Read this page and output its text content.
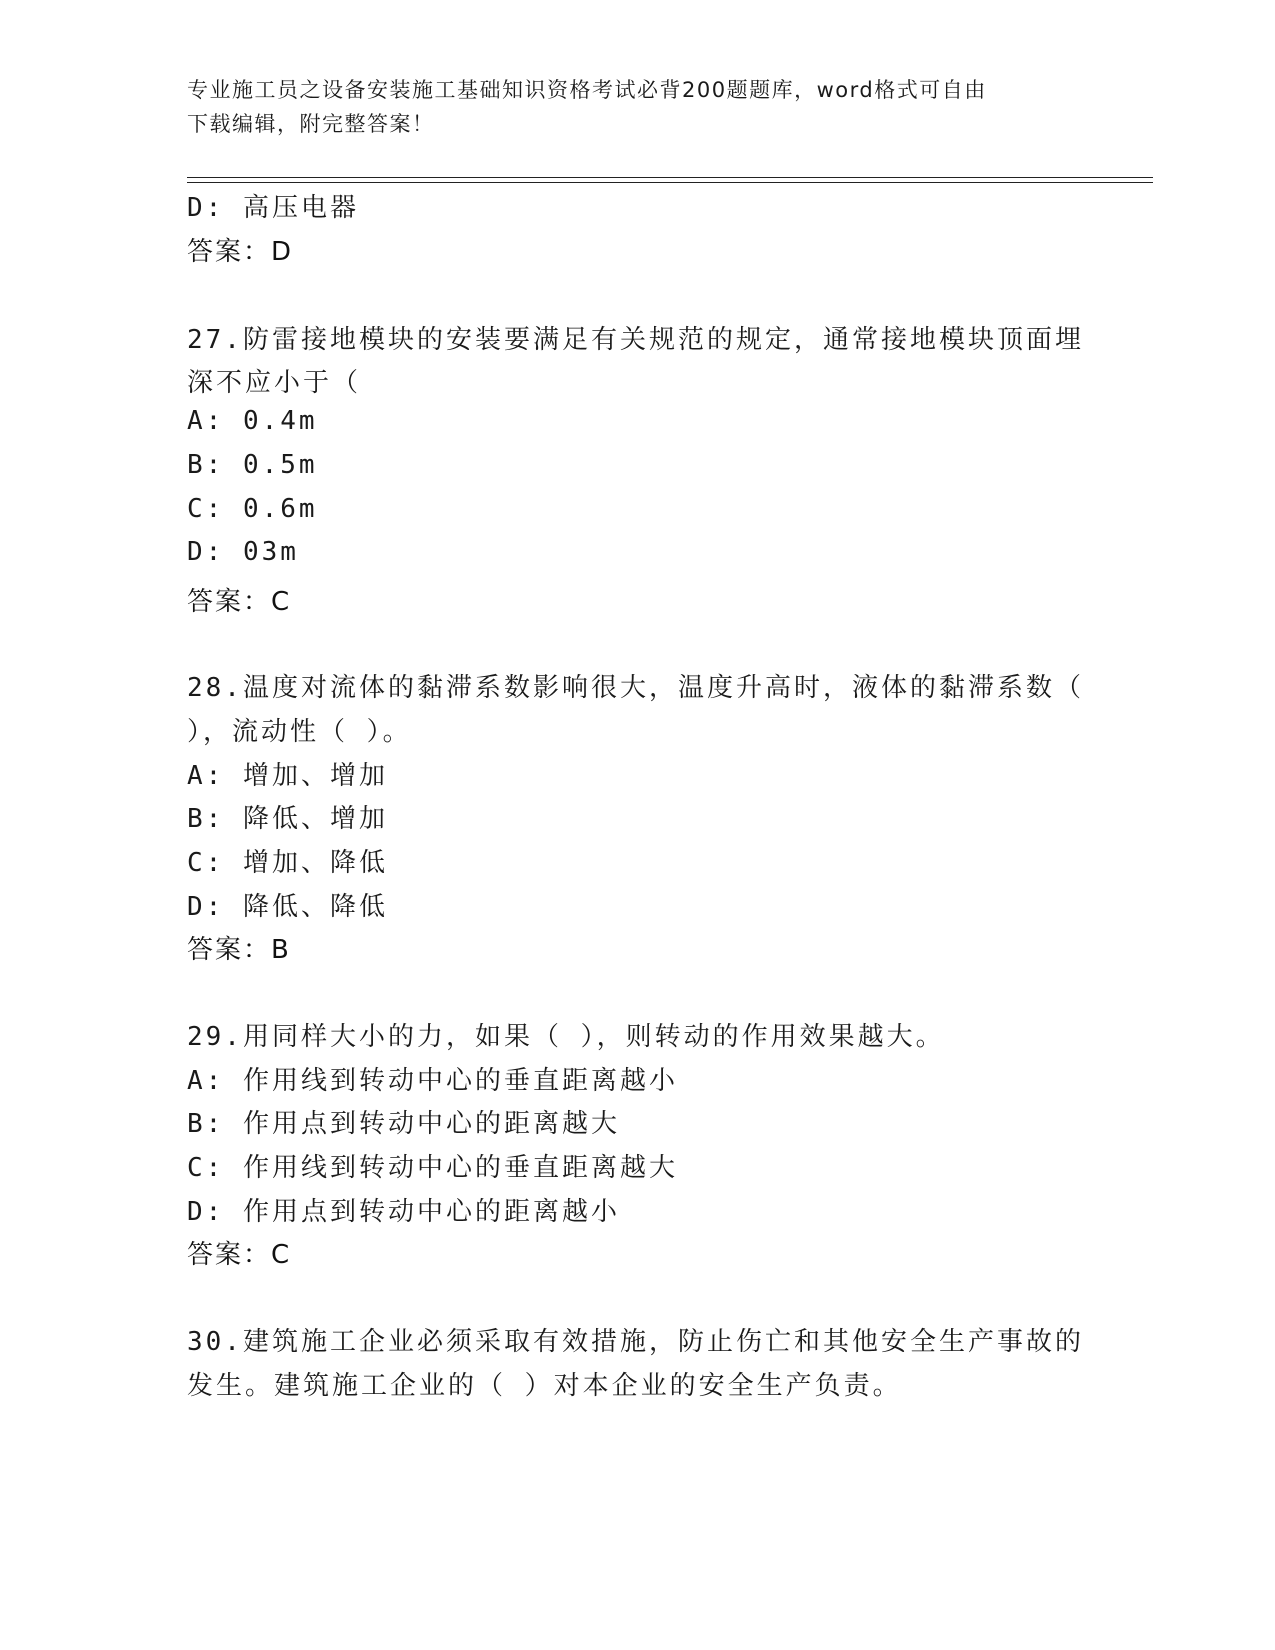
专业施工员之设备安装施工基础知识资格考试必背200题题库，word格式可自由
下载编辑，附完整答案！
D: 高压电器
答案：D
27.防雷接地模块的安装要满足有关规范的规定，通常接地模块顶面埋
深不应小于（
A: 0.4m
B: 0.5m
C: 0.6m
D: 03m
答案：C
28.温度对流体的黏滞系数影响很大，温度升高时，液体的黏滞系数（
），流动性（ ）。
A: 增加、增加
B: 降低、增加
C: 增加、降低
D: 降低、降低
答案：B
29.用同样大小的力，如果（ ），则转动的作用效果越大。
A: 作用线到转动中心的垂直距离越小
B: 作用点到转动中心的距离越大
C: 作用线到转动中心的垂直距离越大
D: 作用点到转动中心的距离越小
答案：C
30.建筑施工企业必须采取有效措施，防止伤亡和其他安全生产事故的
发生。建筑施工企业的（ ）对本企业的安全生产负责。
